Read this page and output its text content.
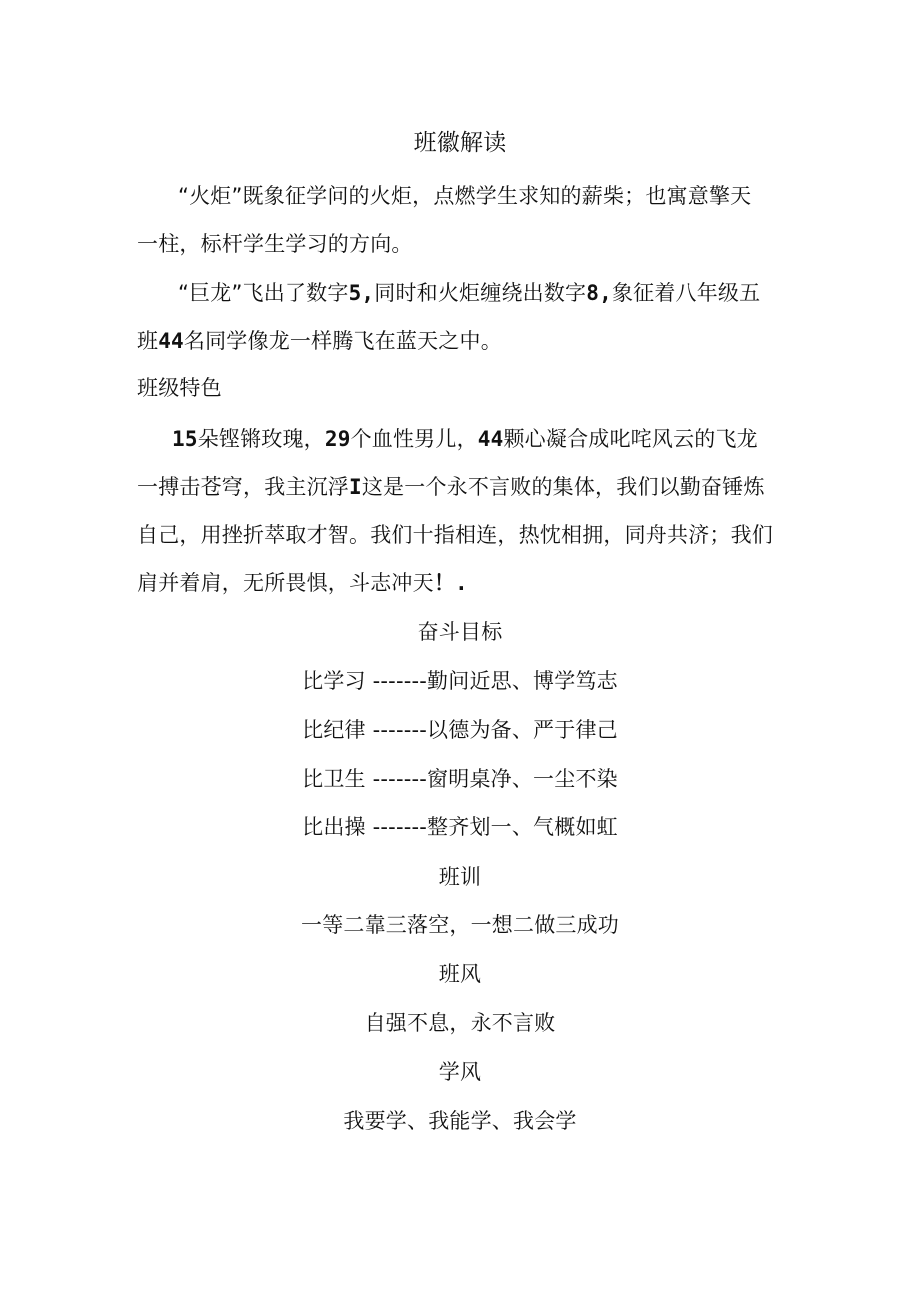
班徽解读
“火炬”既象征学问的火炬，点燃学生求知的薪柴；也寓意擎天
一柱，标杆学生学习的方向。
“巨龙”飞出了数字5,同时和火炬缠绕出数字8,象征着八年级五
班44名同学像龙一样腾飞在蓝天之中。
班级特色
15朵铿锵玫瑰，29个血性男儿，44颗心凝合成叱咤风云的飞龙
一搏击苍穹，我主沉浮I这是一个永不言败的集体，我们以勤奋锤炼
自己，用挫折萃取才智。我们十指相连，热忱相拥，同舟共济；我们
肩并着肩，无所畏惧，斗志冲天！.
奋斗目标
比学习 -------勤问近思、博学笃志
比纪律 -------以德为备、严于律己
比卫生 -------窗明桌净、一尘不染
比出操 -------整齐划一、气概如虹
班训
一等二靠三落空，一想二做三成功
班风
自强不息，永不言败
学风
我要学、我能学、我会学
